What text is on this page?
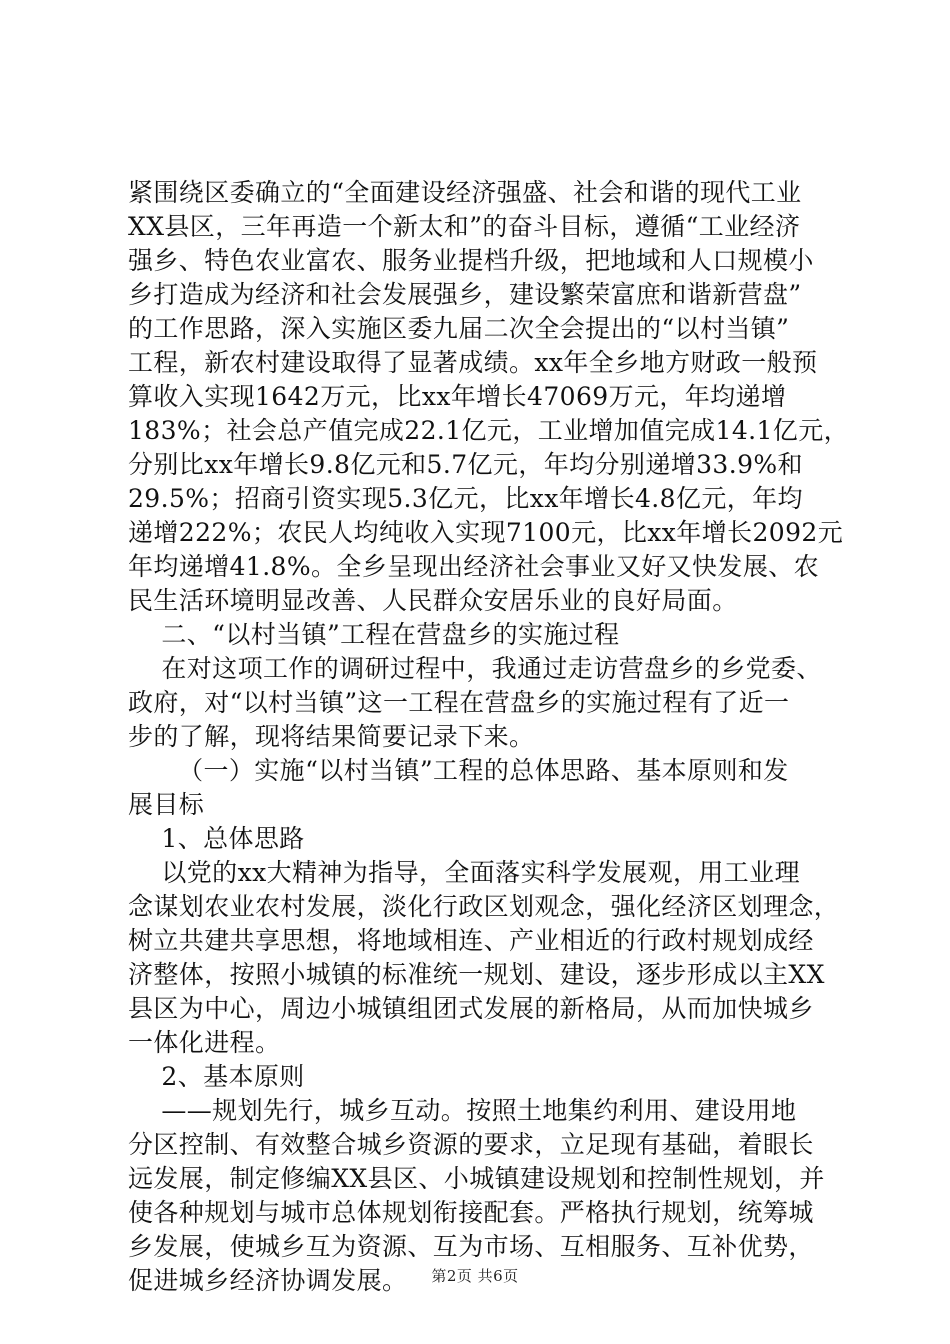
紧围绕区委确立的“全面建设经济强盛、社会和谐的现代工业
XX县区，三年再造一个新太和”的奋斗目标，遵循“工业经济
强乡、特色农业富农、服务业提档升级，把地域和人口规模小
乡打造成为经济和社会发展强乡，建设繁荣富庶和谐新营盘”
的工作思路，深入实施区委九届二次全会提出的“以村当镇”
工程，新农村建设取得了显著成绩。xx年全乡地方财政一般预
算收入实现1642万元，比xx年增长47069万元，年均递增
183%；社会总产值完成22.1亿元，工业增加值完成14.1亿元，
分别比xx年增长9.8亿元和5.7亿元，年均分别递增33.9%和
29.5%；招商引资实现5.3亿元，比xx年增长4.8亿元，年均
递增222%；农民人均纯收入实现7100元，比xx年增长2092元
年均递增41.8%。全乡呈现出经济社会事业又好又快发展、农
民生活环境明显改善、人民群众安居乐业的良好局面。
二、“以村当镇”工程在营盘乡的实施过程
在对这项工作的调研过程中，我通过走访营盘乡的乡党委、
政府，对“以村当镇”这一工程在营盘乡的实施过程有了近一
步的了解，现将结果简要记录下来。
（一）实施“以村当镇”工程的总体思路、基本原则和发
展目标
1、总体思路
以党的xx大精神为指导，全面落实科学发展观，用工业理
念谋划农业农村发展，淡化行政区划观念，强化经济区划理念，
树立共建共享思想，将地域相连、产业相近的行政村规划成经
济整体，按照小城镇的标准统一规划、建设，逐步形成以主XX
县区为中心，周边小城镇组团式发展的新格局，从而加快城乡
一体化进程。
2、基本原则
——规划先行，城乡互动。按照土地集约利用、建设用地
分区控制、有效整合城乡资源的要求，立足现有基础，着眼长
远发展，制定修编XX县区、小城镇建设规划和控制性规划，并
使各种规划与城市总体规划衔接配套。严格执行规划，统筹城
乡发展，使城乡互为资源、互为市场、互相服务、互补优势，
促进城乡经济协调发展。	第2页 共6页
